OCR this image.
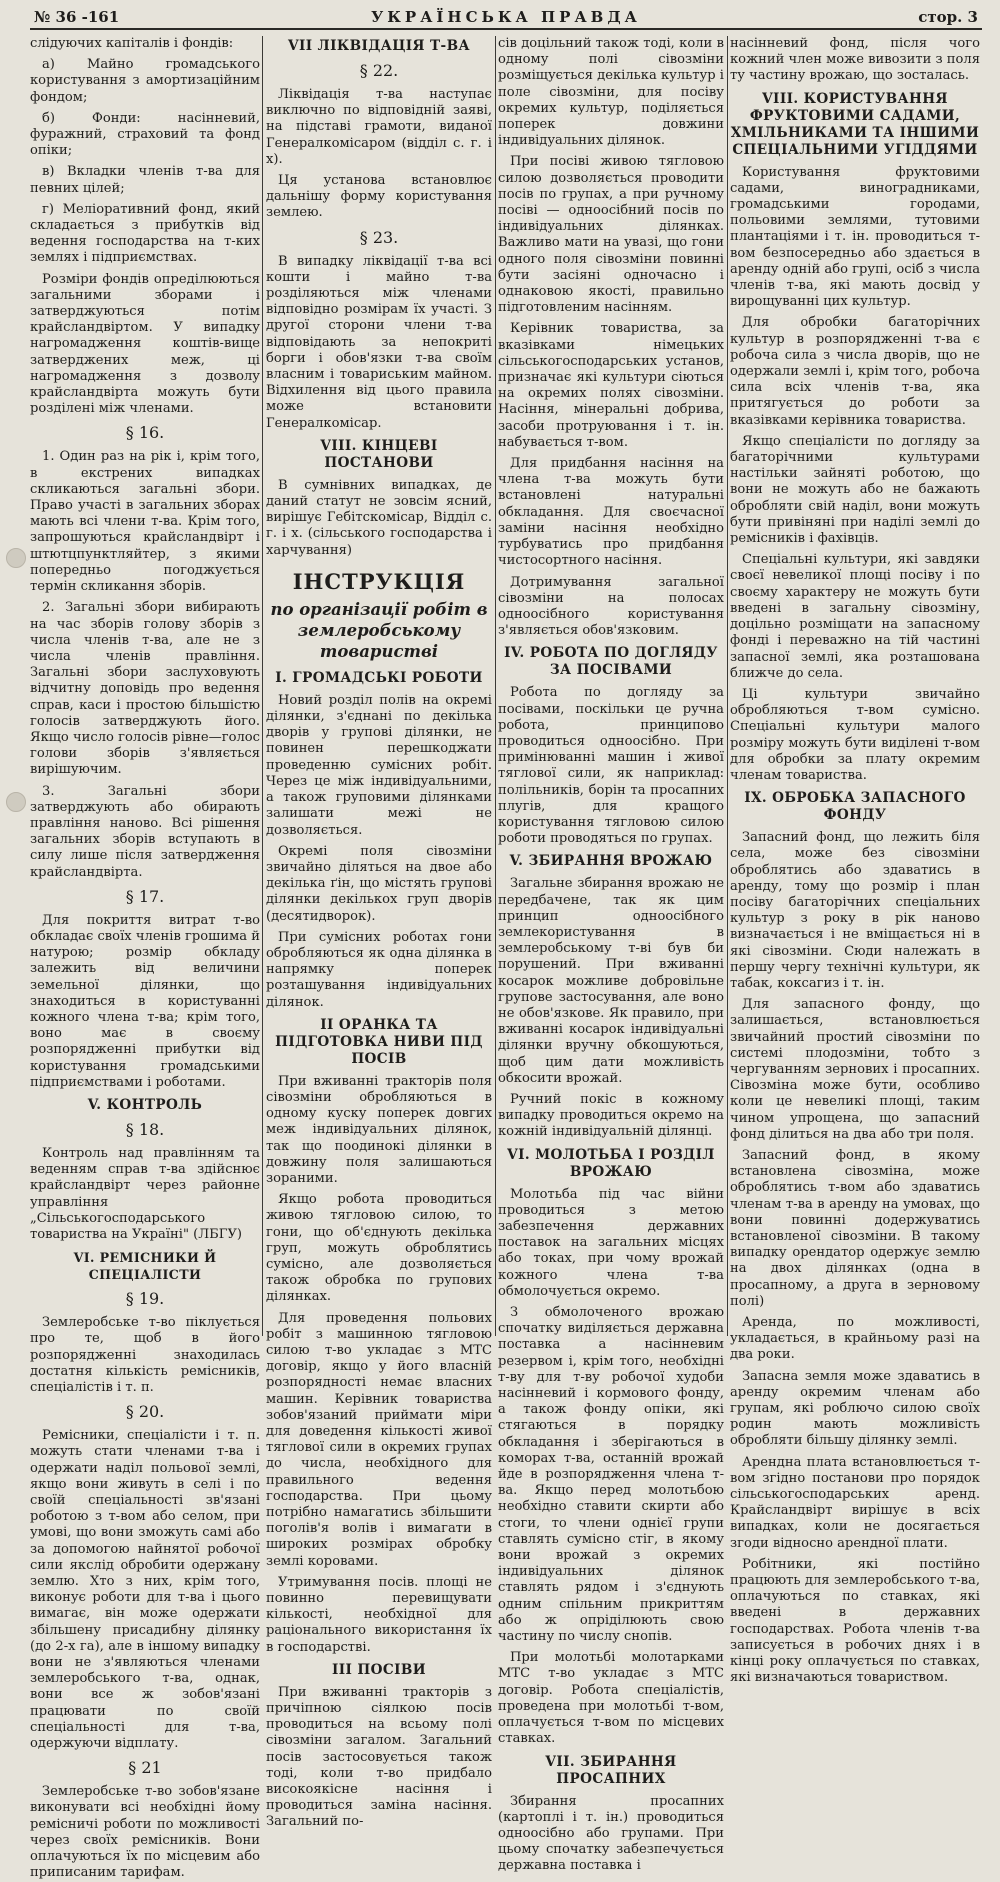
№ 36 -161	УКРАЇНСЬКА ПРАВДА	стор. 3

слідуючих капіталів і фондів:

а) Майно громадського користування з амортизаційним фондом;

б) Фонди: насінневий, фуражний, страховий та фонд опіки;

в) Вкладки членів т-ва для певних цілей;

г) Меліоративний фонд, який складається з прибутків від ведення господарства на т-ких землях і підприємствах.

Розміри фондів опреділюються загальними зборами і затверджуються потім крайсландвіртом. У випадку нагромадження коштів-вище затверджених меж, ці нагромадження з дозволу крайсландвірта можуть бути розділені між членами.

§ 16.

1. Один раз на рік і, крім того, в екстрених випадках скликаються загальні збори. Право участі в загальних зборах мають всі члени т-ва. Крім того, запрошуються крайсландвірт і штютцпунктляйтер, з якими попередньо погоджується термін скликання зборів.

2. Загальні збори вибирають на час зборів голову зборів з числа членів т-ва, але не з числа членів правління. Загальні збори заслуховують відчитну доповідь про ведення справ, каси і простою більшістю голосів затверджують його. Якщо число голосів рівне—голос голови зборів з'являється вирішуючим.

3. Загальні збори затверджують або обирають правління наново. Всі рішення загальних зборів вступають в силу лише після затвердження крайсландвірта.

§ 17.

Для покриття витрат т-во обкладає своїх членів грошима й натурою; розмір обкладу залежить від величини земельної ділянки, що знаходиться в користуванні кожного члена т-ва; крім того, воно має в своєму розпорядженні прибутки від користування громадськими підприємствами і роботами.

V. КОНТРОЛЬ
§ 18.

Контроль над правлінням та веденням справ т-ва здійснює крайсландвірт через районне управління „Сільськогосподарського товариства на Україні" (ЛБГУ)

VI. РЕМІСНИКИ Й СПЕЦІАЛІСТИ
§ 19.

Землеробське т-во піклується про те, щоб в його розпорядженні знаходилась достатня кількість ремісників, спеціалістів і т. п.

§ 20.

Ремісники, спеціалісти і т. п. можуть стати членами т-ва і одержати наділ польової землі, якщо вони живуть в селі і по своїй спеціальності зв'язані роботою з т-вом або селом, при умові, що вони зможуть самі або за допомогою найнятої робочої сили якслід обробити одержану землю. Хто з них, крім того, виконує роботи для т-ва і цього вимагає, він може одержати збільшену присадибну ділянку (до 2-х га), але в іншому випадку вони не з'являються членами землеробського т-ва, однак, вони все ж зобов'язані працювати по своїй спеціальності для т-ва, одержуючи відплату.

§ 21

Землеробське т-во зобов'язане виконувати всі необхідні йому ремісничі роботи по можливості через своїх ремісників. Вони оплачуються їх по місцевим або приписаним тарифам.

VII ЛІКВІДАЦІЯ Т-ВА
§ 22.

Ліквідація т-ва наступає виключно по відповідній заяві, на підставі грамоти, виданої Генералкомісаром (відділ с. г. і х).

Ця установа встановлює дальнішу форму користування землею.

§ 23.

В випадку ліквідації т-ва всі кошти і майно т-ва розділяються між членами відповідно розмірам їх участі. З другої сторони члени т-ва відповідають за непокриті борги і обов'язки т-ва своїм власним і товариським майном. Відхилення від цього правила може встановити Генералкомісар.

VIII. КІНЦЕВІ ПОСТАНОВИ

В сумнівних випадках, де даний статут не зовсім ясний, вирішує Гебітскомісар, Відділ с. г. і х. (сільського господарства і харчування)

ІНСТРУКЦІЯ
по організації робіт в землеробському товаристві
I. ГРОМАДСЬКІ РОБОТИ

Новий розділ полів на окремі ділянки, з'єднані по декілька дворів у групові ділянки, не повинен перешкоджати проведенню сумісних робіт. Через це між індивідуальними, а також груповими ділянками залишати межі не дозволяється.

Окремі поля сівозміни звичайно діляться на двое або декілька ґін, що містять групові ділянки декількох груп дворів (десятидворок).

При сумісних роботах гони обробляються як одна ділянка в напрямку поперек розташування індивідуальних ділянок.

II ОРАНКА ТА ПІДГОТОВКА НИВИ ПІД ПОСІВ

При вживанні тракторів поля сівозміни обробляються в одному куску поперек довгих меж індивідуальних ділянок, так що поодинокі ділянки в довжину поля залишаються зораними.

Якщо робота проводиться живою тягловою силою, то гони, що об'єднують декілька груп, можуть оброблятись сумісно, але дозволяється також обробка по групових ділянках.

Для проведення польових робіт з машинною тягловою силою т-во укладає з МТС договір, якщо у його власній розпорядності немає власних машин. Керівник товариства зобов'язаний приймати міри для доведення кількості живої тяглової сили в окремих групах до числа, необхідного для правильного ведення господарства. При цьому потрібно намагатись збільшити поголів'я волів і вимагати в широких розмірах обробку землі коровами.

Утримування посів. площі не повинно перевищувати кількості, необхідної для раціонального використання їх в господарстві.

III ПОСІВИ

При вживанні тракторів з причіпною сіялкою посів проводиться на всьому полі сівозміни загалом. Загальний посів застосовується також тоді, коли т-во придбало високоякісне насіння і проводиться заміна насіння. Загальний по-

сів доцільний також тоді, коли в одному полі сівозміни розміщується декілька культур і поле сівозміни, для посіву окремих культур, поділяється поперек довжини індивідуальних ділянок.

При посіві живою тягловою силою дозволяється проводити посів по групах, а при ручному посіві — одноосібний посів по індивідуальних ділянках. Важливо мати на увазі, що гони одного поля сівозміни повинні бути засіяні одночасно і однаковою якості, правильно підготовленим насінням.

Керівник товариства, за вказівками німецьких сільськогосподарських установ, призначає які культури сіються на окремих полях сівозміни. Насіння, мінеральні добрива, засоби протруювання і т. ін. набувається т-вом.

Для придбання насіння на члена т-ва можуть бути встановлені натуральні обкладання. Для своєчасної заміни насіння необхідно турбуватись про придбання чистосортного насіння.

Дотримування загальної сівозміни на полосах одноосібного користування з'являється обов'язковим.

IV. РОБОТА ПО ДОГЛЯДУ ЗА ПОСІВАМИ

Робота по догляду за посівами, поскільки це ручна робота, принципово проводиться одноосібно. При примінюванні машин і живої тяглової сили, як наприклад: полільників, борін та просапних плугів, для кращого користування тягловою силою роботи проводяться по групах.

V. ЗБИРАННЯ ВРОЖАЮ

Загальне збирання врожаю не передбачене, так як цим принцип одноосібного землекористування в землеробському т-ві був би порушений. При вживанні косарок можливе добровільне групове застосування, але воно не обов'язкове. Як правило, при вживанні косарок індивідуальні ділянки вручну обкошуються, щоб цим дати можливість обкосити врожай.

Ручний покіс в кожному випадку проводиться окремо на кожній індивідуальній ділянці.

VI. МОЛОТЬБА І РОЗДІЛ ВРОЖАЮ

Молотьба під час війни проводиться з метою забезпечення державних поставок на загальних місцях або токах, при чому врожай кожного члена т-ва обмолочується окремо.

З обмолоченого врожаю спочатку виділяється державна поставка а насінневим резервом і, крім того, необхідні т-ву для т-ву робочої худоби насінневий і кормового фонду, а також фонду опіки, які стягаються в порядку обкладання і зберігаються в коморах т-ва, останній врожай йде в розпорядження члена т-ва. Якщо перед молотьбою необхідно ставити скирти або стоги, то члени однієї групи ставлять сумісно стіг, в якому вони врожай з окремих індивідуальних ділянок ставлять рядом і з'єднують одним спільним прикриттям або ж опріділюють свою частину по числу снопів.

При молотьбі молотарками МТС т-во укладає з МТС договір. Робота спеціалістів, проведена при молотьбі т-вом, оплачується т-вом по місцевих ставках.

VII. ЗБИРАННЯ ПРОСАПНИХ

Збирання просапних (картоплі і т. ін.) проводиться одноосібно або групами. При цьому спочатку забезпечується державна поставка і

насінневий фонд, після чого кожний член може вивозити з поля ту частину врожаю, що зосталась.

VIII. КОРИСТУВАННЯ ФРУКТОВИМИ САДАМИ, ХМІЛЬНИКАМИ ТА ІНШИМИ СПЕЦІАЛЬНИМИ УГІДДЯМИ

Користування фруктовими садами, виноградниками, громадськими городами, польовими землями, тутовими плантаціями і т. ін. проводиться т-вом безпосередньо або здається в аренду одній або групі, осіб з числа членів т-ва, які мають досвід у вирощуванні цих культур.

Для обробки багаторічних культур в розпорядженні т-ва є робоча сила з числа дворів, що не одержали землі і, крім того, робоча сила всіх членів т-ва, яка притягується до роботи за вказівками керівника товариства.

Якщо спеціалісти по догляду за багаторічними культурами настільки зайняті роботою, що вони не можуть або не бажають обробляти свій наділ, вони можуть бути привіняні при наділі землі до ремісників і фахівців.

Спеціальні культури, які завдяки своєї невеликої площі посіву і по своєму характеру не можуть бути введені в загальну сівозміну, доцільно розміщати на запасному фонді і переважно на тій частині запасної землі, яка розташована ближче до села.

Ці культури звичайно обробляються т-вом сумісно. Спеціальні культури малого розміру можуть бути виділені т-вом для обробки за плату окремим членам товариства.

IX. ОБРОБКА ЗАПАСНОГО ФОНДУ

Запасний фонд, що лежить біля села, може без сівозміни оброблятись або здаватись в аренду, тому що розмір і план посіву багаторічних спеціальних культур з року в рік наново визначається і не вміщається ні в які сівозміни. Сюди належать в першу чергу технічні культури, як табак, коксагиз і т. ін.

Для запасного фонду, що залишається, встановлюється звичайний простий сівозміни по системі плодозміни, тобто з чергуванням зернових і просапних. Сівозміна може бути, особливо коли це невеликі площі, таким чином упрощена, що запасний фонд ділиться на два або три поля.

Запасний фонд, в якому встановлена сівозміна, може оброблятись т-вом або здаватись членам т-ва в аренду на умовах, що вони повинні додержуватись встановленої сівозміни. В такому випадку орендатор одержує землю на двох ділянках (одна в просапному, а друга в зерновому полі)

Аренда, по можливості, укладається, в крайньому разі на два роки.

Запасна земля може здаватись в аренду окремим членам або групам, які роблючо силою своїх родин мають можливість обробляти більшу ділянку землі.

Арендна плата встановлюється т-вом згідно постанови про порядок сільськогосподарських аренд. Крайсландвірт вирішує в всіх випадках, коли не досягається згоди відносно арендної плати.

Робітники, які постійно працюють для землеробського т-ва, оплачуються по ставках, які введені в державних господарствах. Робота членів т-ва записується в робочих днях і в кінці року оплачується по ставках, які визначаються товариством.
